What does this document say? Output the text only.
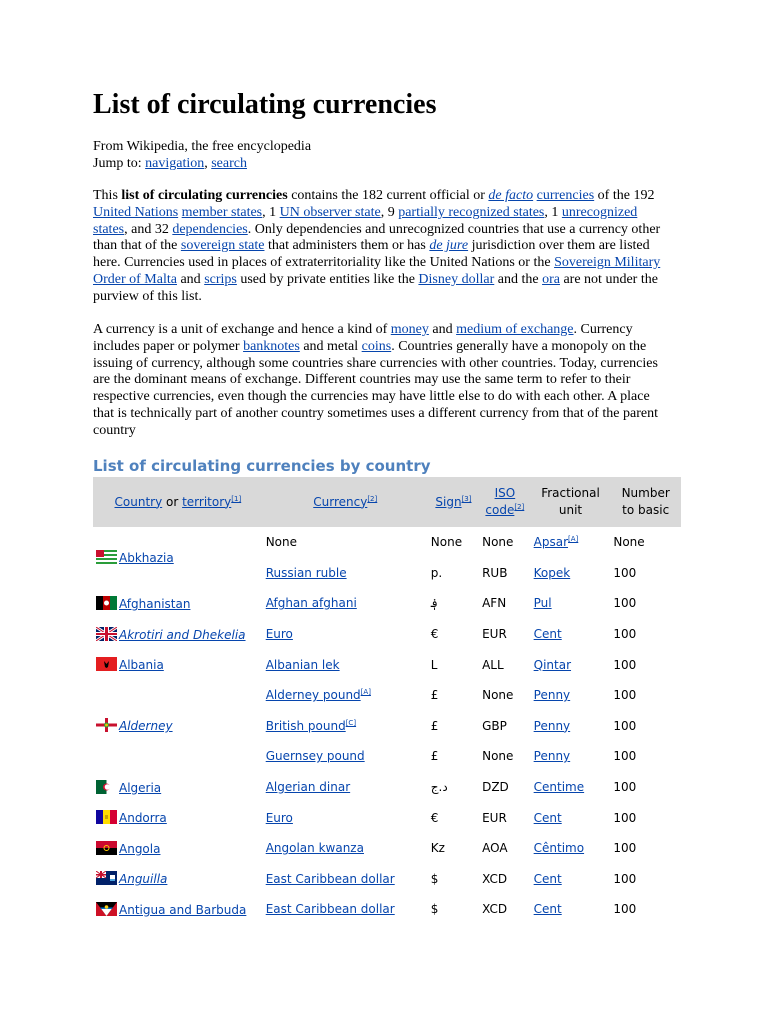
List of circulating currencies
From Wikipedia, the free encyclopedia
Jump to: navigation, search
This list of circulating currencies contains the 182 current official or de facto currencies of the 192 United Nations member states, 1 UN observer state, 9 partially recognized states, 1 unrecognized states, and 32 dependencies. Only dependencies and unrecognized countries that use a currency other than that of the sovereign state that administers them or has de jure jurisdiction over them are listed here. Currencies used in places of extraterritoriality like the United Nations or the Sovereign Military Order of Malta and scrips used by private entities like the Disney dollar and the ora are not under the purview of this list.
A currency is a unit of exchange and hence a kind of money and medium of exchange. Currency includes paper or polymer banknotes and metal coins. Countries generally have a monopoly on the issuing of currency, although some countries share currencies with other countries. Today, currencies are the dominant means of exchange. Different countries may use the same term to refer to their respective currencies, even though the currencies may have little else to do with each other. A place that is technically part of another country sometimes uses a different currency from that of the parent country
List of circulating currencies by country
Country or territory[1]	Currency[2]	Sign[3]	ISO code[2]	Fractional unit	Number to basic
Abkhazia	None	None	None	Apsar[A]	None
	Russian ruble	р.	RUB	Kopek	100
Afghanistan	Afghan afghani	؋	AFN	Pul	100
Akrotiri and Dhekelia	Euro	€	EUR	Cent	100
Albania	Albanian lek	L	ALL	Qintar	100
Alderney	Alderney pound[A]	£	None	Penny	100
	British pound[C]	£	GBP	Penny	100
	Guernsey pound	£	None	Penny	100
Algeria	Algerian dinar	د.ج	DZD	Centime	100
Andorra	Euro	€	EUR	Cent	100
Angola	Angolan kwanza	Kz	AOA	Cêntimo	100
Anguilla	East Caribbean dollar	$	XCD	Cent	100
Antigua and Barbuda	East Caribbean dollar	$	XCD	Cent	100
